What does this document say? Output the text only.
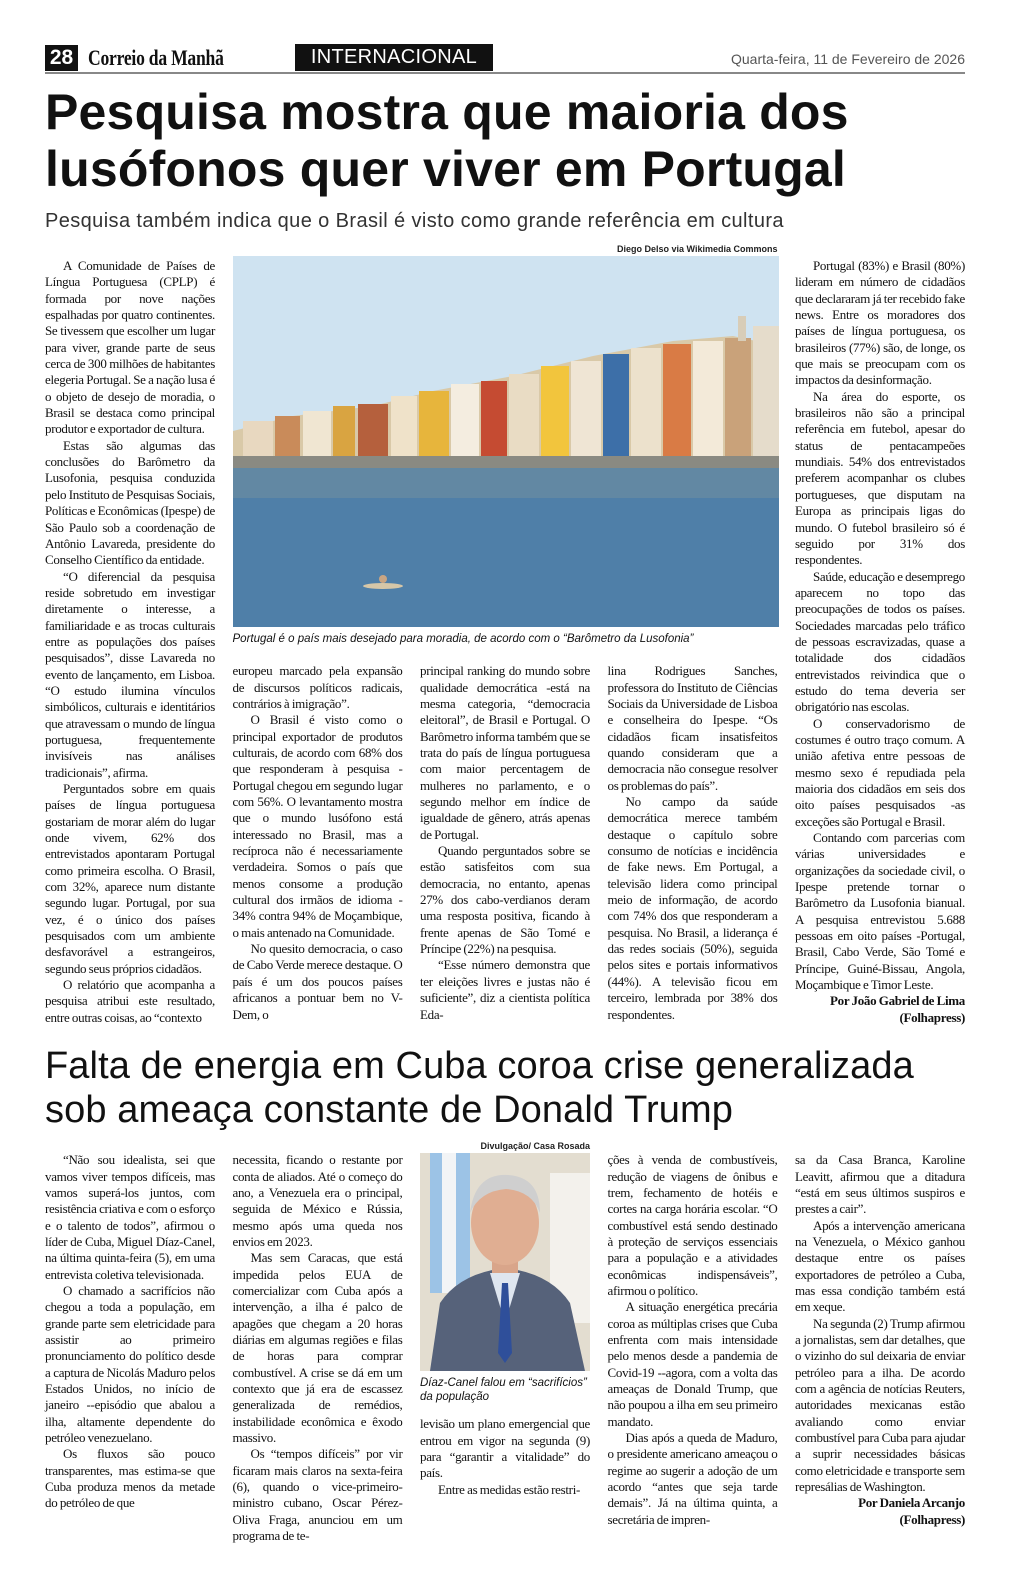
28 Correio da Manhã	INTERNACIONAL	Quarta-feira, 11 de Fevereiro de 2026
Pesquisa mostra que maioria dos lusófonos quer viver em Portugal
Pesquisa também indica que o Brasil é visto como grande referência em cultura

A Comunidade de Países de Língua Portuguesa (CPLP) é formada por nove nações espalhadas por quatro continentes. Se tivessem que escolher um lugar para viver, grande parte de seus cerca de 300 milhões de habitantes elegeria Portugal. Se a nação lusa é o objeto de desejo de moradia, o Brasil se destaca como principal produtor e exportador de cultura.

Estas são algumas das conclusões do Barômetro da Lusofonia, pesquisa conduzida pelo Instituto de Pesquisas Sociais, Políticas e Econômicas (Ipespe) de São Paulo sob a coordenação de Antônio Lavareda, presidente do Conselho Científico da entidade.

“O diferencial da pesquisa reside sobretudo em investigar diretamente o interesse, a familiaridade e as trocas culturais entre as populações dos países pesquisados”, disse Lavareda no evento de lançamento, em Lisboa. “O estudo ilumina vínculos simbólicos, culturais e identitários que atravessam o mundo de língua portuguesa, frequentemente invisíveis nas análises tradicionais”, afirma.

Perguntados sobre em quais países de língua portuguesa gostariam de morar além do lugar onde vivem, 62% dos entrevistados apontaram Portugal como primeira escolha. O Brasil, com 32%, aparece num distante segundo lugar. Portugal, por sua vez, é o único dos países pesquisados com um ambiente desfavorável a estrangeiros, segundo seus próprios cidadãos.

O relatório que acompanha a pesquisa atribui este resultado, entre outras coisas, ao “contexto

Diego Delso via Wikimedia Commons
Portugal é o país mais desejado para moradia, de acordo com o “Barômetro da Lusofonia”

europeu marcado pela expansão de discursos políticos radicais, contrários à imigração”.

O Brasil é visto como o principal exportador de produtos culturais, de acordo com 68% dos que responderam à pesquisa - Portugal chegou em segundo lugar com 56%. O levantamento mostra que o mundo lusófono está interessado no Brasil, mas a recíproca não é necessariamente verdadeira. Somos o país que menos consome a produção cultural dos irmãos de idioma - 34% contra 94% de Moçambique, o mais antenado na Comunidade.

No quesito democracia, o caso de Cabo Verde merece destaque. O país é um dos poucos países africanos a pontuar bem no V-Dem, o

principal ranking do mundo sobre qualidade democrática -está na mesma categoria, “democracia eleitoral”, de Brasil e Portugal. O Barômetro informa também que se trata do país de língua portuguesa com maior percentagem de mulheres no parlamento, e o segundo melhor em índice de igualdade de gênero, atrás apenas de Portugal.

Quando perguntados sobre se estão satisfeitos com sua democracia, no entanto, apenas 27% dos cabo-verdianos deram uma resposta positiva, ficando à frente apenas de São Tomé e Príncipe (22%) na pesquisa.

“Esse número demonstra que ter eleições livres e justas não é suficiente”, diz a cientista política Eda-

lina Rodrigues Sanches, professora do Instituto de Ciências Sociais da Universidade de Lisboa e conselheira do Ipespe. “Os cidadãos ficam insatisfeitos quando consideram que a democracia não consegue resolver os problemas do país”.

No campo da saúde democrática merece também destaque o capítulo sobre consumo de notícias e incidência de fake news. Em Portugal, a televisão lidera como principal meio de informação, de acordo com 74% dos que responderam a pesquisa. No Brasil, a liderança é das redes sociais (50%), seguida pelos sites e portais informativos (44%). A televisão ficou em terceiro, lembrada por 38% dos respondentes.

Portugal (83%) e Brasil (80%) lideram em número de cidadãos que declararam já ter recebido fake news. Entre os moradores dos países de língua portuguesa, os brasileiros (77%) são, de longe, os que mais se preocupam com os impactos da desinformação.

Na área do esporte, os brasileiros não são a principal referência em futebol, apesar do status de pentacampeões mundiais. 54% dos entrevistados preferem acompanhar os clubes portugueses, que disputam na Europa as principais ligas do mundo. O futebol brasileiro só é seguido por 31% dos respondentes.

Saúde, educação e desemprego aparecem no topo das preocupações de todos os países. Sociedades marcadas pelo tráfico de pessoas escravizadas, quase a totalidade dos cidadãos entrevistados reivindica que o estudo do tema deveria ser obrigatório nas escolas.

O conservadorismo de costumes é outro traço comum. A união afetiva entre pessoas de mesmo sexo é repudiada pela maioria dos cidadãos em seis dos oito países pesquisados -as exceções são Portugal e Brasil.

Contando com parcerias com várias universidades e organizações da sociedade civil, o Ipespe pretende tornar o Barômetro da Lusofonia bianual. A pesquisa entrevistou 5.688 pessoas em oito países -Portugal, Brasil, Cabo Verde, São Tomé e Príncipe, Guiné-Bissau, Angola, Moçambique e Timor Leste.

Por João Gabriel de Lima

(Folhapress)

Falta de energia em Cuba coroa crise generalizada sob ameaça constante de Donald Trump

“Não sou idealista, sei que vamos viver tempos difíceis, mas vamos superá-los juntos, com resistência criativa e com o esforço e o talento de todos”, afirmou o líder de Cuba, Miguel Díaz-Canel, na última quinta-feira (5), em uma entrevista coletiva televisionada.

O chamado a sacrifícios não chegou a toda a população, em grande parte sem eletricidade para assistir ao primeiro pronunciamento do político desde a captura de Nicolás Maduro pelos Estados Unidos, no início de janeiro --episódio que abalou a ilha, altamente dependente do petróleo venezuelano.

Os fluxos são pouco transparentes, mas estima-se que Cuba produza menos da metade do petróleo de que

necessita, ficando o restante por conta de aliados. Até o começo do ano, a Venezuela era o principal, seguida de México e Rússia, mesmo após uma queda nos envios em 2023.

Mas sem Caracas, que está impedida pelos EUA de comercializar com Cuba após a intervenção, a ilha é palco de apagões que chegam a 20 horas diárias em algumas regiões e filas de horas para comprar combustível. A crise se dá em um contexto que já era de escassez generalizada de remédios, instabilidade econômica e êxodo massivo.

Os “tempos difíceis” por vir ficaram mais claros na sexta-feira (6), quando o vice-primeiro-ministro cubano, Oscar Pérez-Oliva Fraga, anunciou em um programa de te-

Divulgação/ Casa Rosada
Díaz-Canel falou em “sacrifícios” da população

levisão um plano emergencial que entrou em vigor na segunda (9) para “garantir a vitalidade” do país.

Entre as medidas estão restri-

ções à venda de combustíveis, redução de viagens de ônibus e trem, fechamento de hotéis e cortes na carga horária escolar. “O combustível está sendo destinado à proteção de serviços essenciais para a população e a atividades econômicas indispensáveis”, afirmou o político.

A situação energética precária coroa as múltiplas crises que Cuba enfrenta com mais intensidade pelo menos desde a pandemia de Covid-19 --agora, com a volta das ameaças de Donald Trump, que não poupou a ilha em seu primeiro mandato.

Dias após a queda de Maduro, o presidente americano ameaçou o regime ao sugerir a adoção de um acordo “antes que seja tarde demais”. Já na última quinta, a secretária de impren-

sa da Casa Branca, Karoline Leavitt, afirmou que a ditadura “está em seus últimos suspiros e prestes a cair”.

Após a intervenção americana na Venezuela, o México ganhou destaque entre os países exportadores de petróleo a Cuba, mas essa condição também está em xeque.

Na segunda (2) Trump afirmou a jornalistas, sem dar detalhes, que o vizinho do sul deixaria de enviar petróleo para a ilha. De acordo com a agência de notícias Reuters, autoridades mexicanas estão avaliando como enviar combustível para Cuba para ajudar a suprir necessidades básicas como eletricidade e transporte sem represálias de Washington.

Por Daniela Arcanjo

(Folhapress)
